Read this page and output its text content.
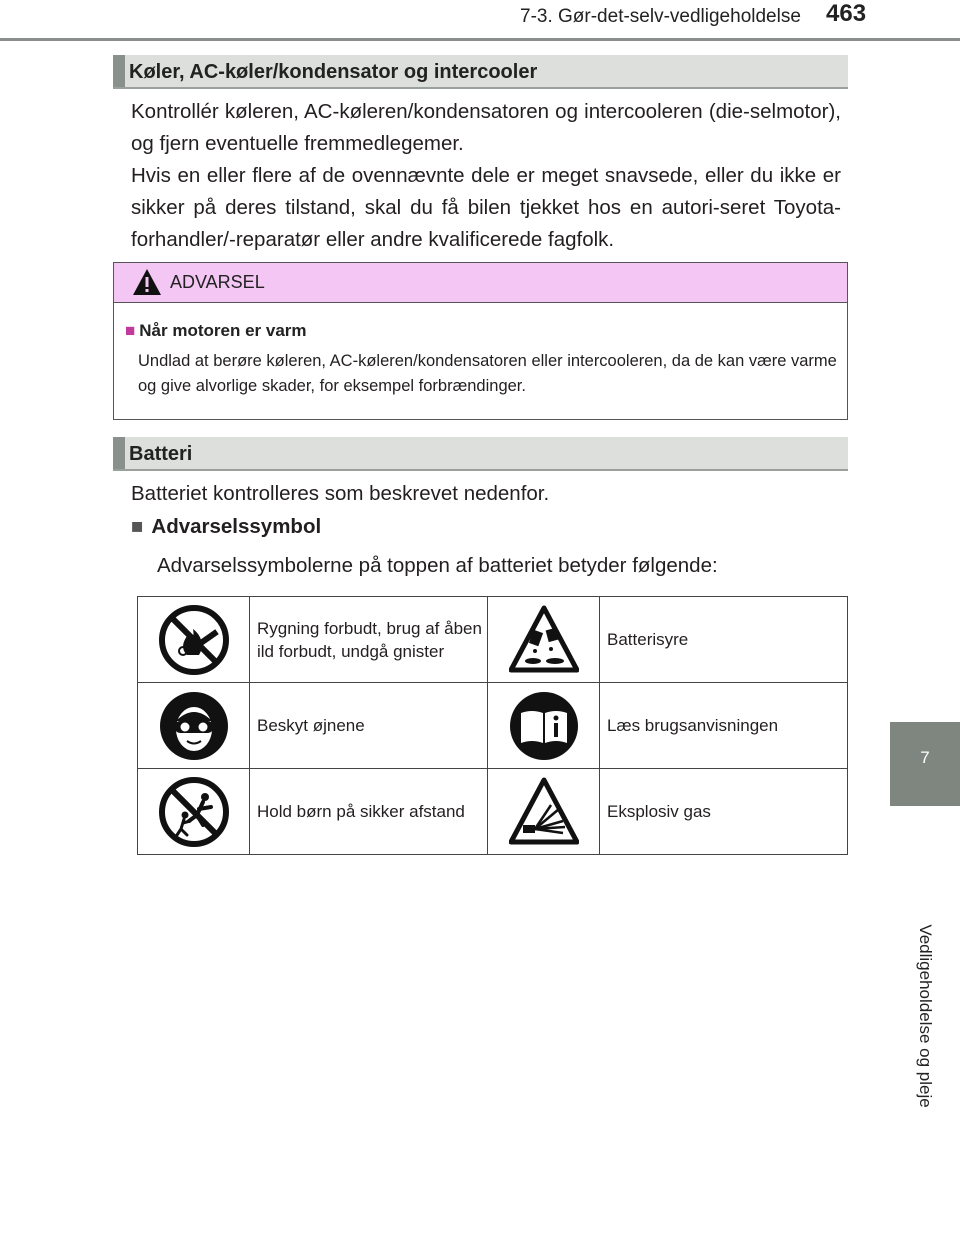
7-3. Gør-det-selv-vedligeholdelse 463
7
Vedligeholdelse og pleje
Køler, AC-køler/kondensator og intercooler

Kontrollér køleren, AC-køleren/kondensatoren og intercooleren (die-selmotor), og fjern eventuelle fremmedlegemer.

Hvis en eller flere af de ovennævnte dele er meget snavsede, eller du ikke er sikker på deres tilstand, skal du få bilen tjekket hos en autori-seret Toyota-forhandler/-reparatør eller andre kvalificerede fagfolk.

ADVARSEL
■ Når motoren er varm
Undlad at berøre køleren, AC-køleren/kondensatoren eller intercooleren, da de kan være varme og give alvorlige skader, for eksempel forbrændinger.
Batteri

Batteriet kontrolleres som beskrevet nedenfor.

■ Advarselssymbol

Advarselssymbolerne på toppen af batteriet betyder følgende:

	Rygning forbudt, brug af åben ild forbudt, undgå gnister		Batterisyre

	Beskyt øjnene		Læs brugsanvisningen

	Hold børn på sikker afstand		Eksplosiv gas
